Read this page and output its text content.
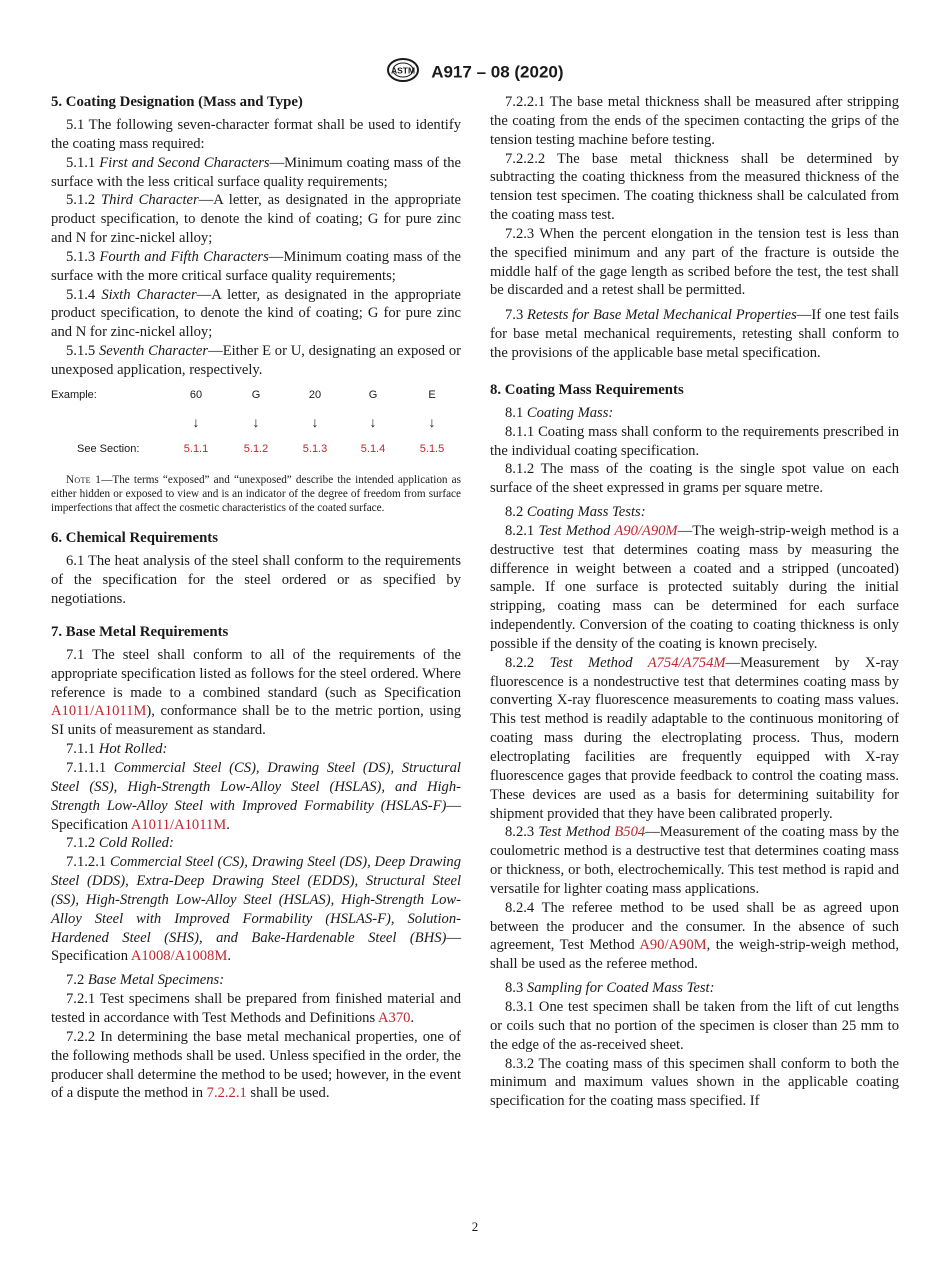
ASTM A917 – 08 (2020)
5. Coating Designation (Mass and Type)

5.1 The following seven-character format shall be used to identify the coating mass required:

5.1.1 First and Second Characters—Minimum coating mass of the surface with the less critical surface quality requirements;

5.1.2 Third Character—A letter, as designated in the appropriate product specification, to denote the kind of coating; G for pure zinc and N for zinc-nickel alloy;

5.1.3 Fourth and Fifth Characters—Minimum coating mass of the surface with the more critical surface quality requirements;

5.1.4 Sixth Character—A letter, as designated in the appropriate product specification, to denote the kind of coating; G for pure zinc and N for zinc-nickel alloy;

5.1.5 Seventh Character—Either E or U, designating an exposed or unexposed application, respectively.

Example:	60	G	20	G	E
↓	↓	↓	↓	↓
See Section:	5.1.1	5.1.2	5.1.3	5.1.4	5.1.5

Note 1—The terms “exposed” and “unexposed” describe the intended application as either hidden or exposed to view and is an indicator of the degree of freedom from surface imperfections that affect the cosmetic characteristics of the coated surface.

6. Chemical Requirements

6.1 The heat analysis of the steel shall conform to the requirements of the specification for the steel ordered or as specified by negotiations.

7. Base Metal Requirements

7.1 The steel shall conform to all of the requirements of the appropriate specification listed as follows for the steel ordered. Where reference is made to a combined standard (such as Specification A1011/A1011M), conformance shall be to the metric portion, using SI units of measurement as standard.

7.1.1 Hot Rolled:

7.1.1.1 Commercial Steel (CS), Drawing Steel (DS), Structural Steel (SS), High-Strength Low-Alloy Steel (HSLAS), and High-Strength Low-Alloy Steel with Improved Formability (HSLAS-F)—Specification A1011/A1011M.

7.1.2 Cold Rolled:

7.1.2.1 Commercial Steel (CS), Drawing Steel (DS), Deep Drawing Steel (DDS), Extra-Deep Drawing Steel (EDDS), Structural Steel (SS), High-Strength Low-Alloy Steel (HSLAS), High-Strength Low-Alloy Steel with Improved Formability (HSLAS-F), Solution-Hardened Steel (SHS), and Bake-Hardenable Steel (BHS)—Specification A1008/A1008M.

7.2 Base Metal Specimens:

7.2.1 Test specimens shall be prepared from finished material and tested in accordance with Test Methods and Definitions A370.

7.2.2 In determining the base metal mechanical properties, one of the following methods shall be used. Unless specified in the order, the producer shall determine the method to be used; however, in the event of a dispute the method in 7.2.2.1 shall be used.

7.2.2.1 The base metal thickness shall be measured after stripping the coating from the ends of the specimen contacting the grips of the tension testing machine before testing.

7.2.2.2 The base metal thickness shall be determined by subtracting the coating thickness from the measured thickness of the tension test specimen. The coating thickness shall be calculated from the coating mass test.

7.2.3 When the percent elongation in the tension test is less than the specified minimum and any part of the fracture is outside the middle half of the gage length as scribed before the test, the test shall be discarded and a retest shall be permitted.

7.3 Retests for Base Metal Mechanical Properties—If one test fails for base metal mechanical requirements, retesting shall conform to the provisions of the applicable base metal specification.

8. Coating Mass Requirements

8.1 Coating Mass:

8.1.1 Coating mass shall conform to the requirements prescribed in the individual coating specification.

8.1.2 The mass of the coating is the single spot value on each surface of the sheet expressed in grams per square metre.

8.2 Coating Mass Tests:

8.2.1 Test Method A90/A90M—The weigh-strip-weigh method is a destructive test that determines coating mass by measuring the difference in weight between a coated and a stripped (uncoated) sample. If one surface is protected suitably during the initial stripping, coating mass can be determined for each surface independently. Conversion of the coating to coating thickness is only possible if the density of the coating is known precisely.

8.2.2 Test Method A754/A754M—Measurement by X-ray fluorescence is a nondestructive test that determines coating mass by converting X-ray fluorescence measurements to coating mass values. This test method is readily adaptable to the continuous monitoring of coating mass during the electroplating process. Thus, modern electroplating facilities are frequently equipped with X-ray fluorescence gages that provide feedback to control the coating mass. These devices are used as a basis for determining suitability for shipment provided that they have been calibrated properly.

8.2.3 Test Method B504—Measurement of the coating mass by the coulometric method is a destructive test that determines coating mass or thickness, or both, electrochemically. This test method is rapid and versatile for lighter coating mass applications.

8.2.4 The referee method to be used shall be as agreed upon between the producer and the consumer. In the absence of such agreement, Test Method A90/A90M, the weigh-strip-weigh method, shall be used as the referee method.

8.3 Sampling for Coated Mass Test:

8.3.1 One test specimen shall be taken from the lift of cut lengths or coils such that no portion of the specimen is closer than 25 mm to the edge of the as-received sheet.

8.3.2 The coating mass of this specimen shall conform to both the minimum and maximum values shown in the applicable coating specification for the coating mass specified. If

2
